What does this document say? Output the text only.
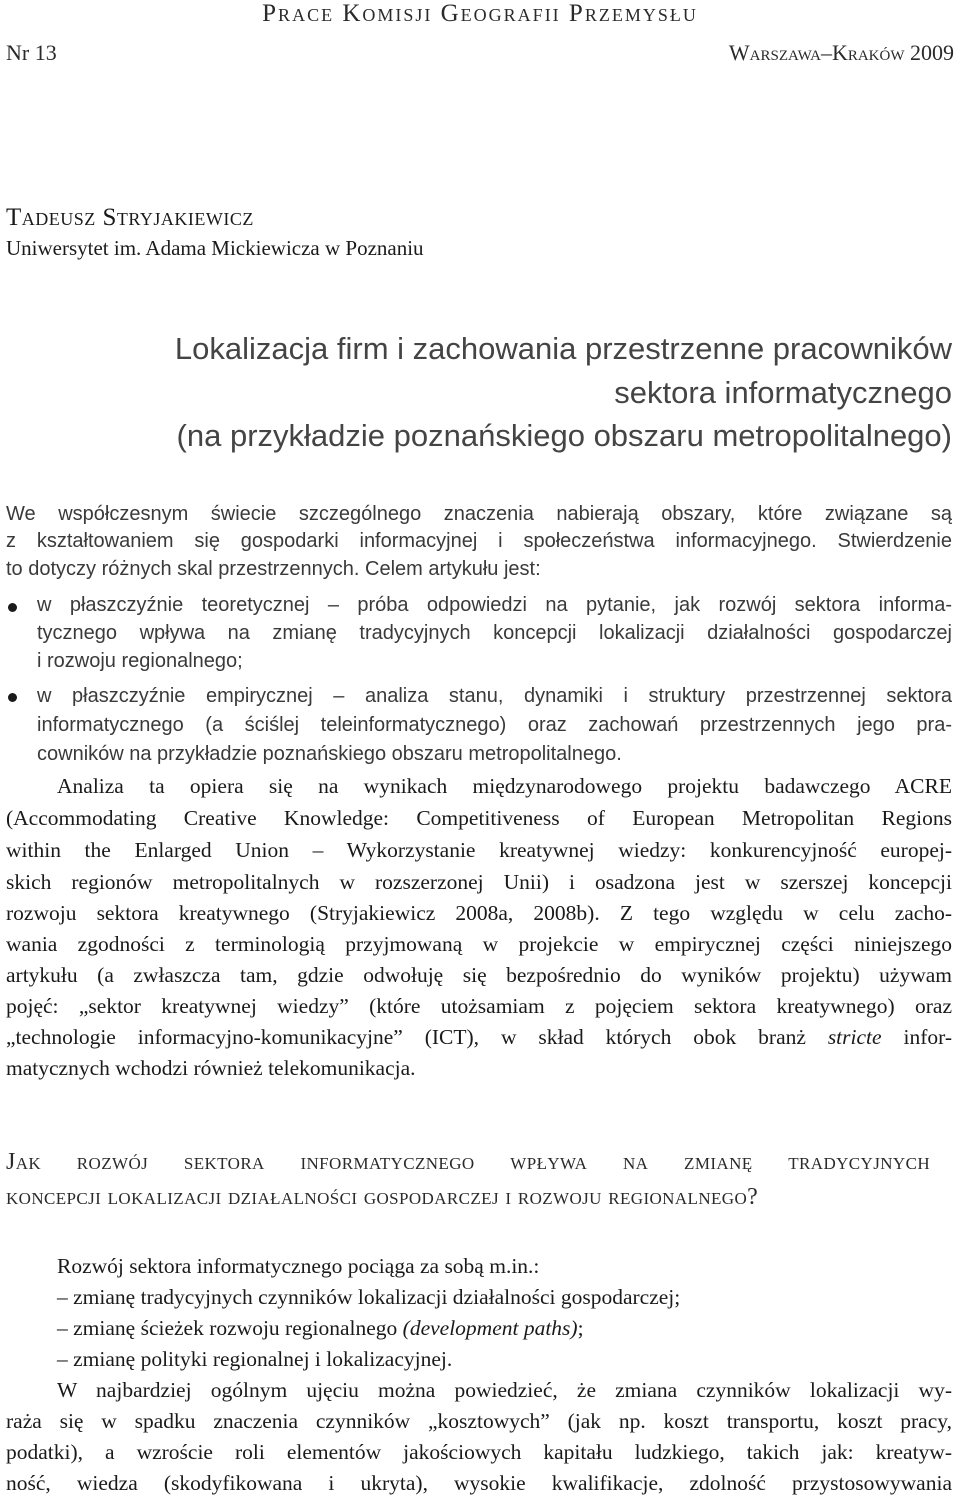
Prace Komisji Geografii Przemysłu
Nr 13	Warszawa–Kraków 2009
Tadeusz Stryjakiewicz
Uniwersytet im. Adama Mickiewicza w Poznaniu
Lokalizacja firm i zachowania przestrzenne pracowników
sektora informatycznego
(na przykładzie poznańskiego obszaru metropolitalnego)
We współczesnym świecie szczególnego znaczenia nabierają obszary, które związane są
z kształtowaniem się gospodarki informacyjnej i społeczeństwa informacyjnego. Stwierdzenie
to dotyczy różnych skal przestrzennych. Celem artykułu jest:
w płaszczyźnie teoretycznej – próba odpowiedzi na pytanie, jak rozwój sektora informa-
tycznego wpływa na zmianę tradycyjnych koncepcji lokalizacji działalności gospodarczej
i rozwoju regionalnego;
w płaszczyźnie empirycznej – analiza stanu, dynamiki i struktury przestrzennej sektora
informatycznego (a ściślej teleinformatycznego) oraz zachowań przestrzennych jego pra-
cowników na przykładzie poznańskiego obszaru metropolitalnego.
Analiza ta opiera się na wynikach międzynarodowego projektu badawczego ACRE
(Accommodating Creative Knowledge: Competitiveness of European Metropolitan Regions
within the Enlarged Union – Wykorzystanie kreatywnej wiedzy: konkurencyjność europej-
skich regionów metropolitalnych w rozszerzonej Unii) i osadzona jest w szerszej koncepcji
rozwoju sektora kreatywnego (Stryjakiewicz 2008a, 2008b). Z tego względu w celu zacho-
wania zgodności z terminologią przyjmowaną w projekcie w empirycznej części niniejszego
artykułu (a zwłaszcza tam, gdzie odwołuję się bezpośrednio do wyników projektu) używam
pojęć: „sektor kreatywnej wiedzy” (które utożsamiam z pojęciem sektora kreatywnego) oraz
„technologie informacyjno-komunikacyjne” (ICT), w skład których obok branż stricte infor-
matycznych wchodzi również telekomunikacja.
Jak rozwój sektora informatycznego wpływa na zmianę tradycyjnych
koncepcji lokalizacji działalności gospodarczej i rozwoju regionalnego?
Rozwój sektora informatycznego pociąga za sobą m.in.:
– zmianę tradycyjnych czynników lokalizacji działalności gospodarczej;
– zmianę ścieżek rozwoju regionalnego (development paths);
– zmianę polityki regionalnej i lokalizacyjnej.
W najbardziej ogólnym ujęciu można powiedzieć, że zmiana czynników lokalizacji wy-
raża się w spadku znaczenia czynników „kosztowych” (jak np. koszt transportu, koszt pracy,
podatki), a wzroście roli elementów jakościowych kapitału ludzkiego, takich jak: kreatyw-
ność, wiedza (skodyfikowana i ukryta), wysokie kwalifikacje, zdolność przystosowywania
